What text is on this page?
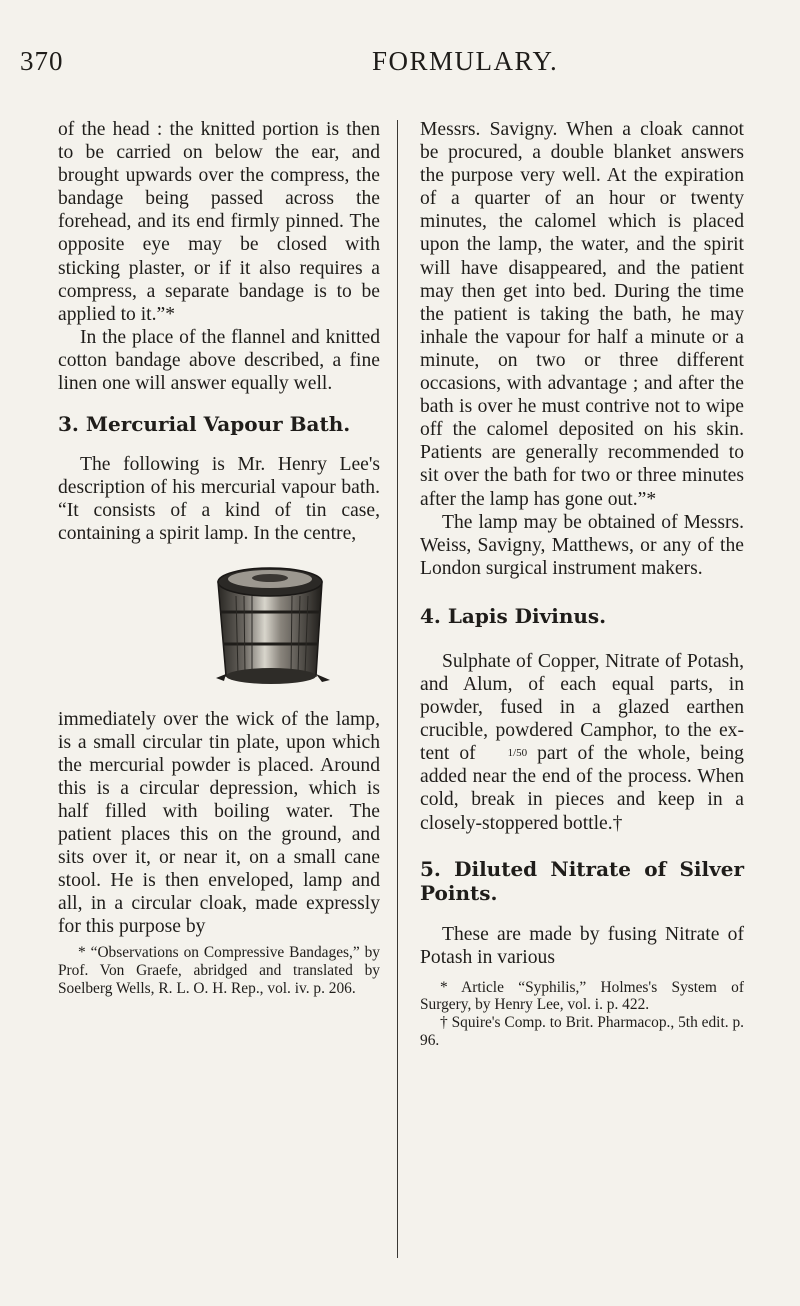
370	FORMULARY.

of the head : the knitted portion is then to be carried on below the ear, and brought upwards over the compress, the bandage being passed across the forehead, and its end firmly pinned. The opposite eye may be closed with sticking plaster, or if it also requires a compress, a separate bandage is to be applied to it.”*

In the place of the flannel and knitted cotton bandage above described, a fine linen one will answer equally well.

3. Mercurial Vapour Bath.

The following is Mr. Henry Lee's description of his mercurial vapour bath. “It consists of a kind of tin case, containing a spirit lamp. In the centre,

immediately over the wick of the lamp, is a small circular tin plate, upon which the mercurial powder is placed. Around this is a circular depression, which is half filled with boiling water. The patient places this on the ground, and sits over it, or near it, on a small cane stool. He is then enveloped, lamp and all, in a circular cloak, made expressly for this purpose by

* “Observations on Compressive Bandages,” by Prof. Von Graefe, abridged and translated by Soelberg Wells, R. L. O. H. Rep., vol. iv. p. 206.

Messrs. Savigny. When a cloak cannot be procured, a double blanket answers the purpose very well. At the expiration of a quarter of an hour or twenty minutes, the calomel which is placed upon the lamp, the water, and the spirit will have disappeared, and the patient may then get into bed. During the time the patient is taking the bath, he may inhale the vapour for half a minute or a minute, on two or three different occasions, with advantage ; and after the bath is over he must contrive not to wipe off the calomel deposited on his skin. Patients are generally recommended to sit over the bath for two or three minutes after the lamp has gone out.”*

The lamp may be obtained of Messrs. Weiss, Savigny, Matthews, or any of the London surgical instrument makers.

4. Lapis Divinus.

Sulphate of Copper, Nitrate of Potash, and Alum, of each equal parts, in powder, fused in a glazed earthen crucible, powdered Camphor, to the extent of	1/50 part of the whole, being added near the end of the process. When cold, break in pieces and keep in a closely-stoppered bottle.†

5. Diluted Nitrate of Silver Points.

These are made by fusing Nitrate of Potash in various

* Article “Syphilis,” Holmes's System of Surgery, by Henry Lee, vol. i. p. 422.

† Squire's Comp. to Brit. Pharmacop., 5th edit. p. 96.
